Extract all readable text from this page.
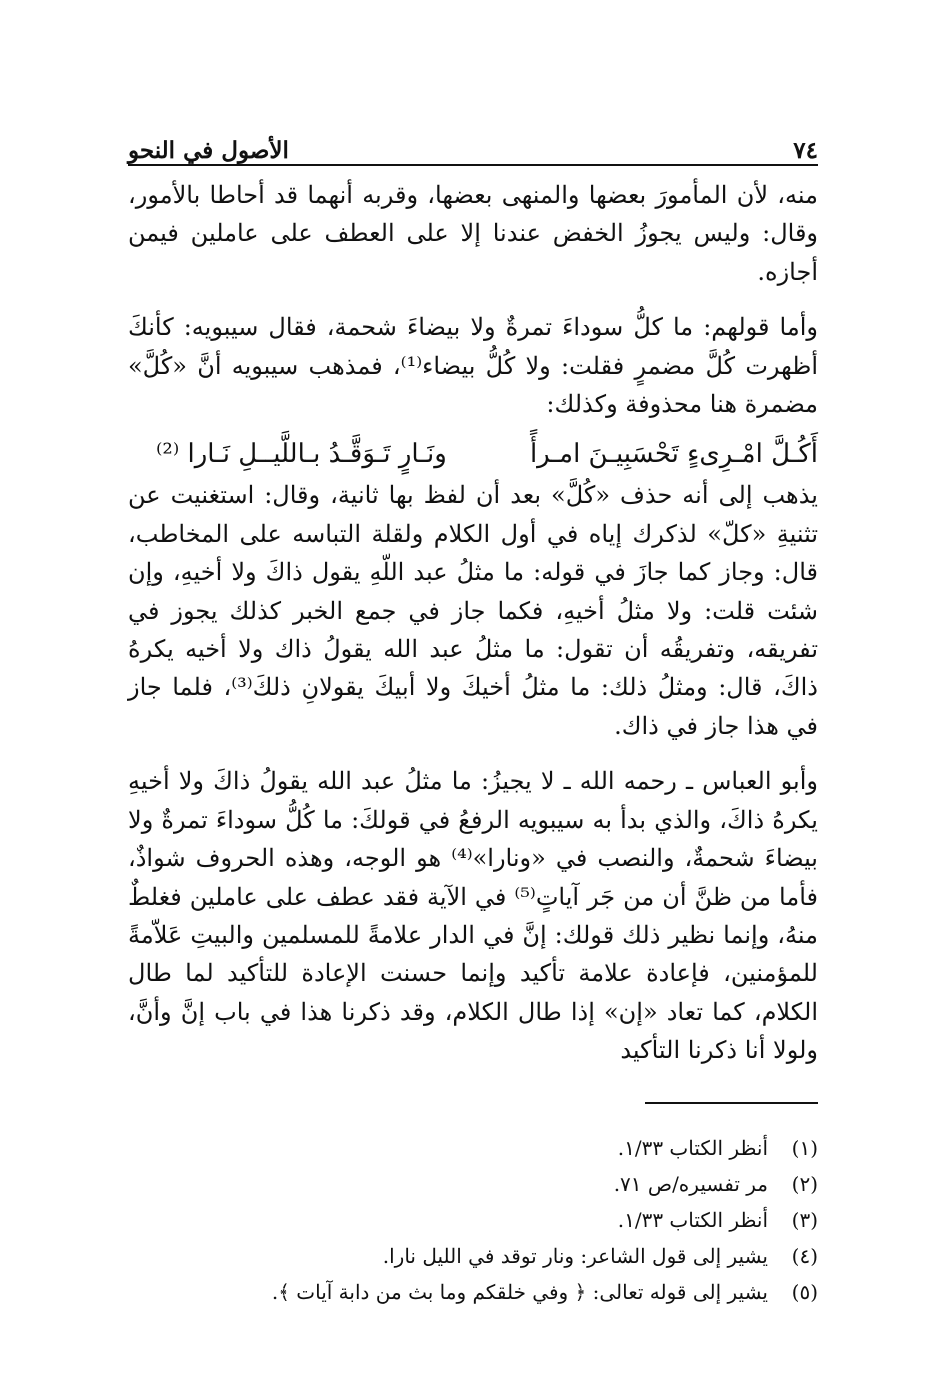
٧٤
الأصول في النحو

منه، لأن المأمورَ بعضها والمنهى بعضها، وقربه أنهما قد أحاطا بالأمور، وقال: وليس يجوزُ الخفض عندنا إلا على العطف على عاملين فيمن أجازه.

وأما قولهم: ما كلُّ سوداءَ تمرةٌ ولا بيضاءَ شحمة، فقال سيبويه: كأنكَ أظهرت كُلَّ مضمرٍ فقلت: ولا كُلُّ بيضاء⁽¹⁾، فمذهب سيبويه أنَّ «كُلَّ» مضمرة هنا محذوفة وكذلك:

أَكُـلَّ امْـرِىءٍ تَحْسَبِيـنَ امـرأً
ونَـارٍ تَـوَقَّـدُ بـاللَّيــلِ نَـارا ⁽²⁾

يذهب إلى أنه حذف «كُلَّ» بعد أن لفظ بها ثانية، وقال: استغنيت عن تثنيةِ «كلّ» لذكرك إياه في أول الكلام ولقلة التباسه على المخاطب، قال: وجاز كما جازَ في قوله: ما مثلُ عبد اللّهِ يقول ذاكَ ولا أخيهِ، وإن شئت قلت: ولا مثلُ أخيهِ، فكما جاز في جمع الخبر كذلك يجوز في تفريقه، وتفريقُه أن تقول: ما مثلُ عبد الله يقولُ ذاك ولا أخيه يكرهُ ذاكَ، قال: ومثلُ ذلك: ما مثلُ أخيكَ ولا أبيكَ يقولانِ ذلكَ⁽³⁾، فلما جاز في هذا جاز في ذاك.

وأبو العباس ـ رحمه الله ـ لا يجيزُ: ما مثلُ عبد الله يقولُ ذاكَ ولا أخيهِ يكرهُ ذاكَ، والذي بدأ به سيبويه الرفعُ في قولكَ: ما كُلُّ سوداءَ تمرةٌ ولا بيضاءَ شحمةٌ، والنصب في «ونارا»⁽⁴⁾ هو الوجه، وهذه الحروف شواذٌ، فأما من ظنَّ أن من جَر آياتٍ⁽⁵⁾ في الآية فقد عطف على عاملين فغلطٌ منهُ، وإنما نظير ذلك قولك: إنَّ في الدار علامةً للمسلمين والبيتِ عَلاّمةً للمؤمنين، فإعادة علامة تأكيد وإنما حسنت الإعادة للتأكيد لما طال الكلام، كما تعاد «إن» إذا طال الكلام، وقد ذكرنا هذا في باب إنَّ وأنَّ، ولولا أنا ذكرنا التأكيد

(١)
أنظر الكتاب ١/٣٣.
(٢)
مر تفسيره/ص ٧١.
(٣)
أنظر الكتاب ١/٣٣.
(٤)
يشير إلى قول الشاعر: ونار توقد في الليل نارا.
(٥)
يشير إلى قوله تعالى: ﴿ وفي خلقكم وما بث من دابة آيات ﴾.
